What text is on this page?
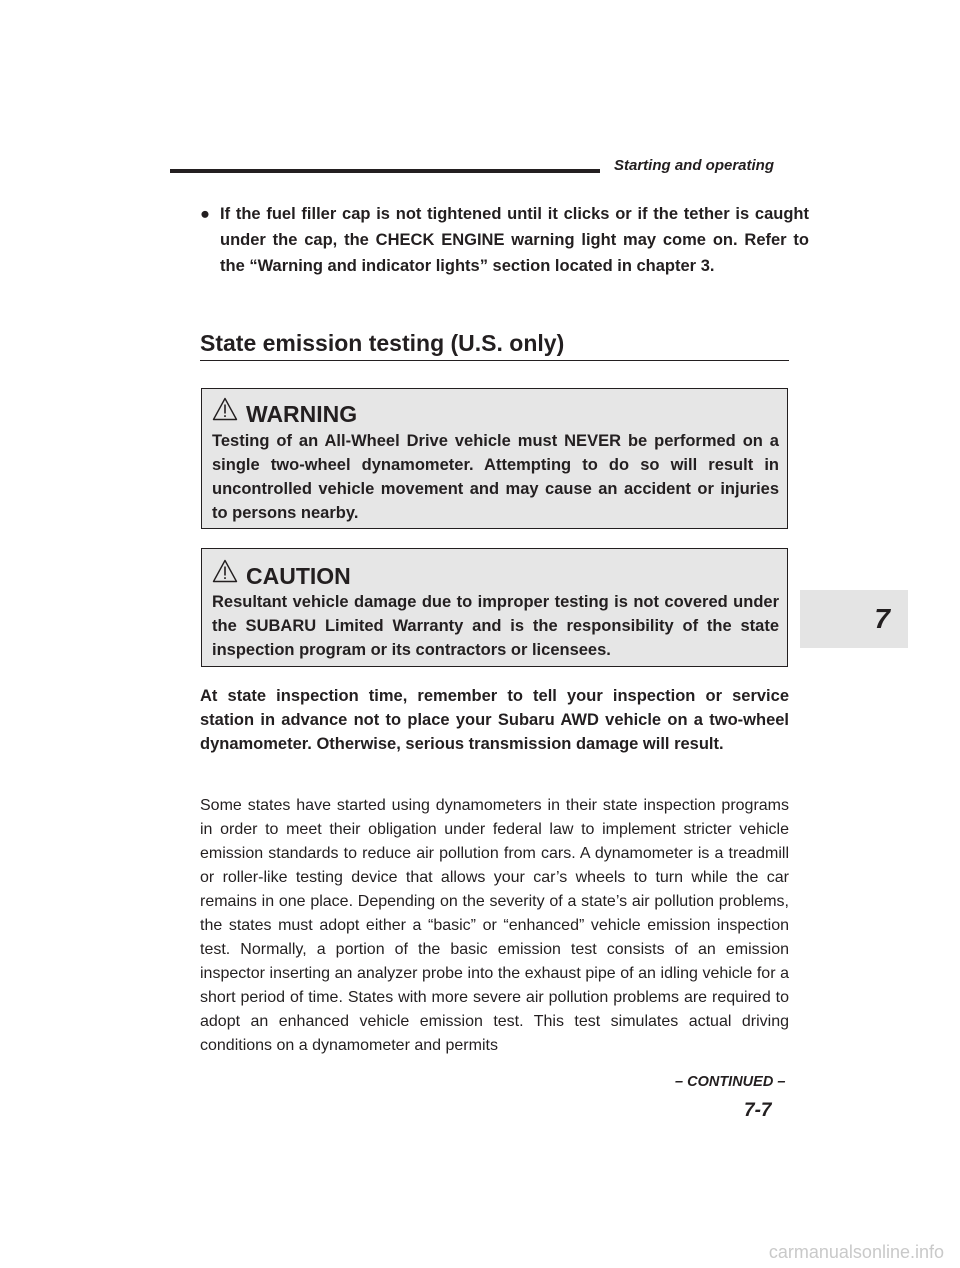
Starting and operating

● If the fuel filler cap is not tightened until it clicks or if the tether is caught under the cap, the CHECK ENGINE warning light may come on. Refer to the “Warning and indicator lights” section located in chapter 3.

State emission testing (U.S. only)
WARNING

Testing of an All-Wheel Drive vehicle must NEVER be performed on a single two-wheel dynamometer. Attempting to do so will result in uncontrolled vehicle movement and may cause an accident or injuries to persons nearby.

CAUTION

Resultant vehicle damage due to improper testing is not covered under the SUBARU Limited Warranty and is the responsibility of the state inspection program or its contractors or licensees.

At state inspection time, remember to tell your inspection or service station in advance not to place your Subaru AWD vehicle on a two-wheel dynamometer. Otherwise, serious transmission damage will result.

Some states have started using dynamometers in their state inspection programs in order to meet their obligation under federal law to implement stricter vehicle emission standards to reduce air pollution from cars. A dynamometer is a treadmill or roller-like testing device that allows your car’s wheels to turn while the car remains in one place. Depending on the severity of a state’s air pollution problems, the states must adopt either a “basic” or “enhanced” vehicle emission inspection test. Normally, a portion of the basic emission test consists of an emission inspector inserting an analyzer probe into the exhaust pipe of an idling vehicle for a short period of time. States with more severe air pollution problems are required to adopt an enhanced vehicle emission test. This test simulates actual driving conditions on a dynamometer and permits

– CONTINUED –
7-7
7
carmanualsonline.info
